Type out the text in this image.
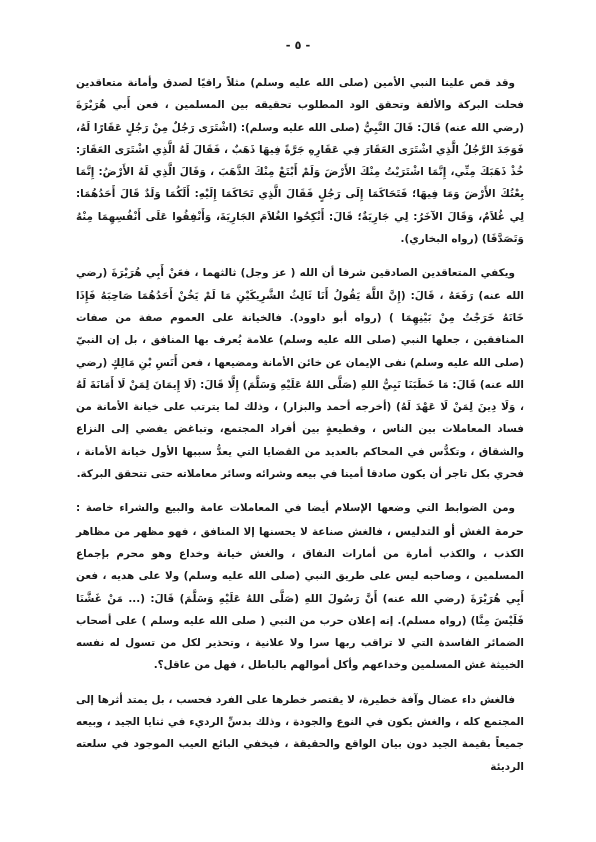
- ٥ -

وقد قص علينا النبي الأمين (صلى الله عليه وسلم) مثلاً راقيًا لصدق وأمانة متعاقدين فحلت البركة والألفة وتحقق الود المطلوب تحقيقه بين المسلمين ، فعن أَبي هُرَيْرَةَ (رضي الله عنه) قَالَ: قَالَ النَّبِيُّ (صلى الله عليه وسلم): (اشْتَرَى رَجُلٌ مِنْ رَجُلٍ عَقَارًا لَهُ، فَوَجَدَ الرَّجُلُ الَّذِي اشْتَرَى العَقَارَ فِي عَقَارِهِ جَرَّةً فِيهَا ذَهَبٌ ، فَقَالَ لَهُ الَّذِي اشْتَرَى العَقَارَ: خُذْ ذَهَبَكَ مِنِّي، إِنَّمَا اشْتَرَيْتُ مِنْكَ الأَرْضَ وَلَمْ أَبْتَعْ مِنْكَ الذَّهَبَ ، وَقَالَ الَّذِي لَهُ الأَرْضُ: إِنَّمَا بِعْتُكَ الأَرْضَ وَمَا فِيهَا؛ فَتَحَاكَمَا إِلَى رَجُلٍ فَقَالَ الَّذِي تَحَاكَمَا إِلَيْهِ: أَلَكُمَا وَلَدٌ قَالَ أَحَدُهُمَا: لِي غُلاَمٌ، وَقَالَ الآخَرُ: لِي جَارِيَةٌ؛ قَالَ: أَنْكِحُوا الغُلاَمَ الجَارِيَةَ، وَأَنْفِقُوا عَلَى أَنْفُسِهِمَا مِنْهُ وَتَصَدَّقَا) (رواه البخاري).

ويكفي المتعاقدين الصادقين شرفا أن الله ( عز وجل) ثالثهما ، فعَنْ أَبِي هُرَيْرَةَ (رضي الله عنه) رَفَعَهُ ، قَالَ: (إِنَّ اللَّهَ يَقُولُ أَنَا ثَالِثُ الشَّرِيكَيْنِ مَا لَمْ يَخُنْ أَحَدُهُمَا صَاحِبَهُ فَإِذَا خَانَهُ خَرَجْتُ مِنْ بَيْنِهِمَا ) (رواه أبو داوود). فالخيانة على العموم صفة من صفات المنافقين ، جعلها النبي (صلى الله عليه وسلم) علامة يُعرف بها المنافق ، بل إن النبيّ (صلى الله عليه وسلم) نفى الإيمان عن خائن الأمانة ومضيعها ، فعن أَنَسِ بْنِ مَالِكٍ (رضي الله عنه) قَالَ: مَا خَطَبَنَا نَبِيُّ اللهِ (صَلَّى اللهُ عَلَيْهِ وَسَلَّمَ) إِلَّا قَالَ: (لَا إِيمَانَ لِمَنْ لَا أَمَانَةَ لَهُ ، وَلَا دِينَ لِمَنْ لَا عَهْدَ لَهُ) (أخرجه أحمد والبزار) ، وذلك لما يترتب على خيانة الأمانة من فساد المعاملات بين الناس ، وقطيعةٍ بين أفراد المجتمع، وتباغض يفضي إلى النزاع والشقاق ، وتكدُّس في المحاكم بالعديد من القضايا التي يعدُّ سببها الأول خيانة الأمانة ، فحري بكل تاجر أن يكون صادقا أمينا في بيعه وشرائه وسائر معاملاته حتى تتحقق البركة.

ومن الضوابط التي وضعها الإسلام أيضا في المعاملات عامة والبيع والشراء خاصة : حرمة الغش أو التدليس ، فالغش صناعة لا يحسنها إلا المنافق ، فهو مظهر من مظاهر الكذب ، والكذب أمارة من أمارات النفاق ، والغش خيانة وخداع وهو محرم بإجماع المسلمين ، وصاحبه ليس على طريق النبي (صلى الله عليه وسلم) ولا على هديه ، فعن أَبِي هُرَيْرَةَ (رضي الله عنه) أَنَّ رَسُولَ اللهِ (صَلَّى اللهُ عَلَيْهِ وَسَلَّمَ) قَالَ: (... مَنْ غَشَّنَا فَلَيْسَ مِنَّا) (رواه مسلم). إنه إعلان حرب من النبي ( صلى الله عليه وسلم ) على أصحاب الضمائر الفاسدة التي لا تراقب ربها سرا ولا علانية ، وتحذير لكل من تسول له نفسه الخبيثة غش المسلمين وخداعهم وأكل أموالهم بالباطل ، فهل من عاقل؟.

فالغش داء عضال وآفة خطيرة، لا يقتصر خطرها على الفرد فحسب ، بل يمتد أثرها إلى المجتمع كله ، والغش يكون في النوع والجودة ، وذلك بدسِّ الرديء في ثنايا الجيد ، وبيعه جميعاً بقيمة الجيد دون بيان الواقع والحقيقة ، فيخفي البائع العيب الموجود في سلعته الرديئة
